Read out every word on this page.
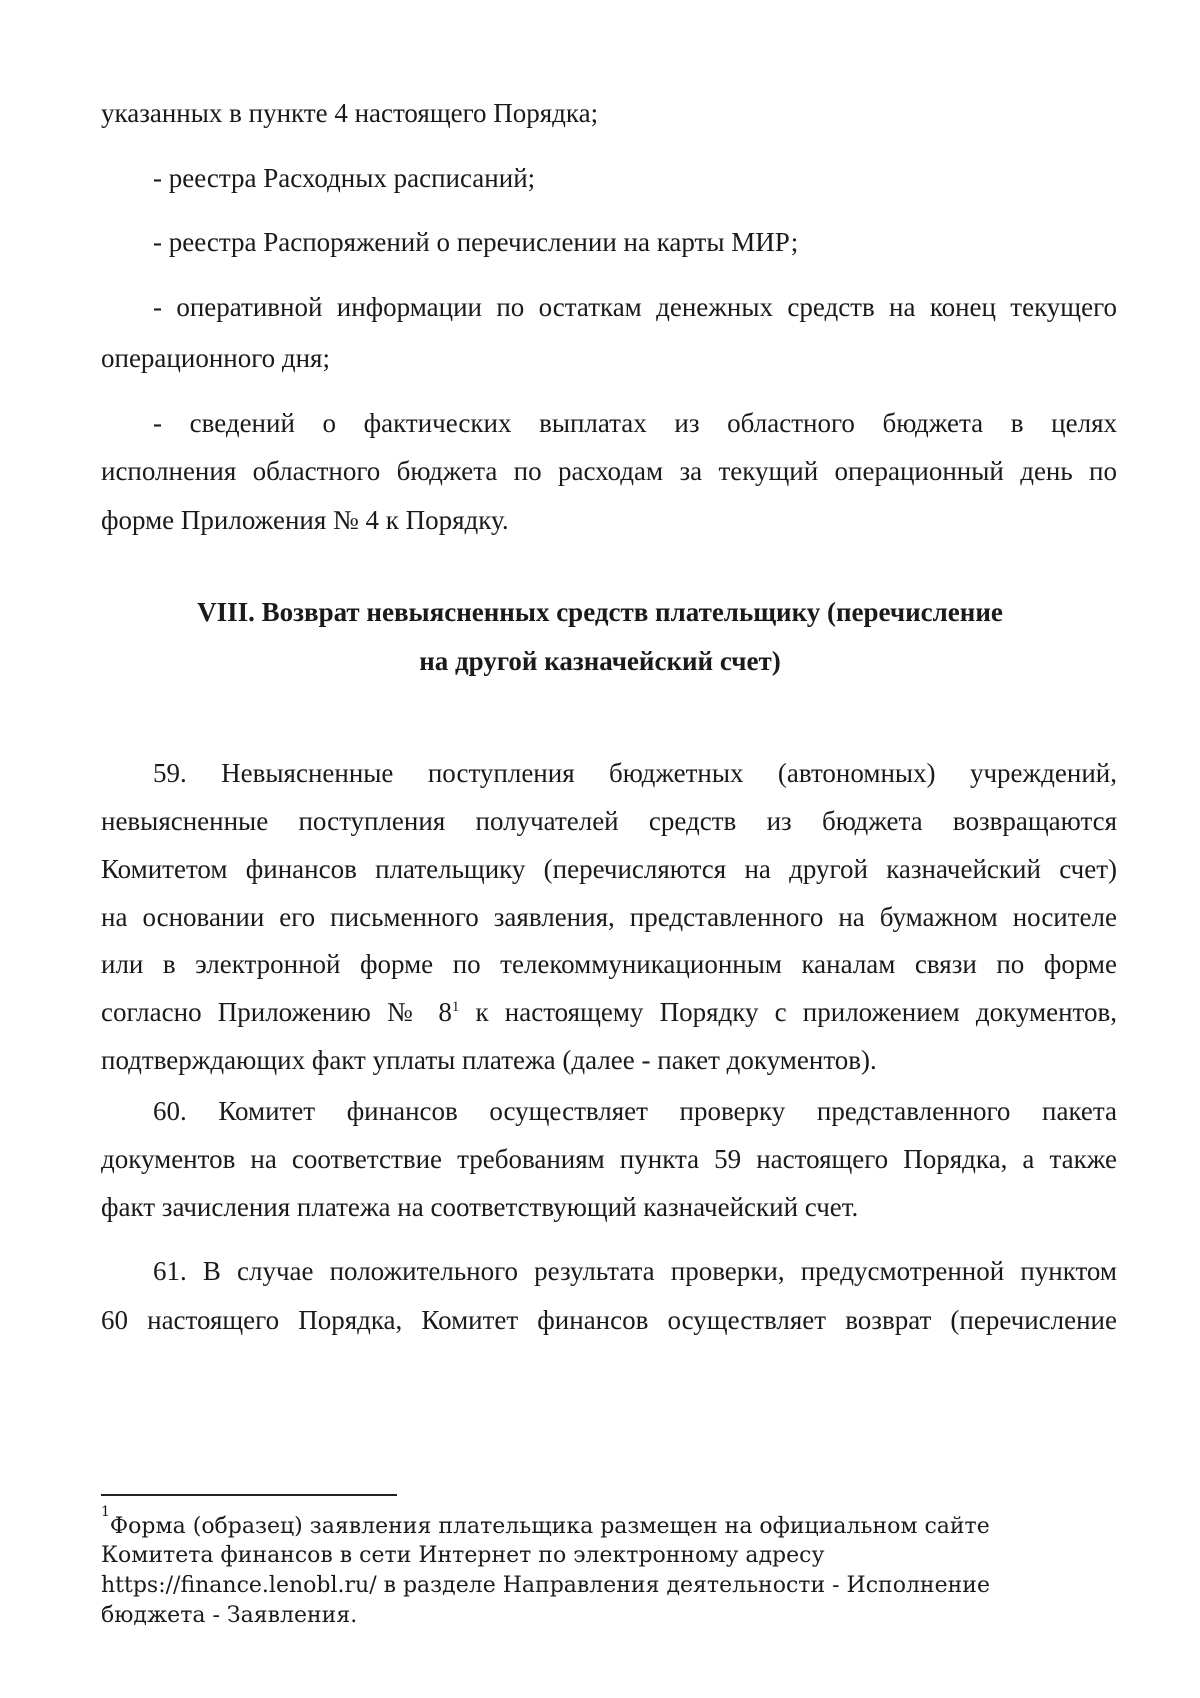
указанных в пункте 4 настоящего Порядка;
- реестра Расходных расписаний;
- реестра Распоряжений о перечислении на карты МИР;
- оперативной информации по остаткам денежных средств на конец текущего
операционного дня;
- сведений о фактических выплатах из областного бюджета в целях
исполнения областного бюджета по расходам за текущий операционный день по
форме Приложения № 4 к Порядку.
VIII. Возврат невыясненных средств плательщику (перечисление
на другой казначейский счет)
59. Невыясненные поступления бюджетных (автономных) учреждений,
невыясненные поступления получателей средств из бюджета возвращаются
Комитетом финансов плательщику (перечисляются на другой казначейский счет)
на основании его письменного заявления, представленного на бумажном носителе
или в электронной форме по телекоммуникационным каналам связи по форме
согласно Приложению № $8^1$ к настоящему Порядку с приложением документов,
подтверждающих факт уплаты платежа (далее - пакет документов).
60. Комитет финансов осуществляет проверку представленного пакета
документов на соответствие требованиям пункта 59 настоящего Порядка, а также
факт зачисления платежа на соответствующий казначейский счет.
61. В случае положительного результата проверки, предусмотренной пунктом
60 настоящего Порядка, Комитет финансов осуществляет возврат (перечисление
$^1$Форма (образец) заявления плательщика размещен на официальном сайте
Комитета финансов в сети Интернет по электронному адресу
https://finance.lenobl.ru/ в разделе Направления деятельности - Исполнение
бюджета - Заявления.
